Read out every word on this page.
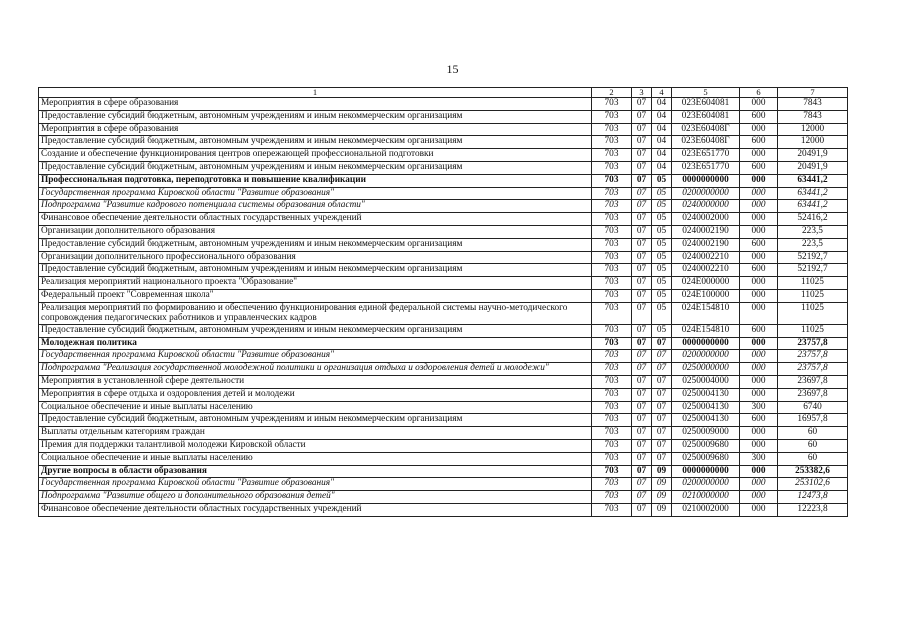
15
1	2	3	4	5	6	7
Мероприятия в сфере образования	703	07	04	023E604081	000	7843
Предоставление субсидий бюджетным, автономным учреждениям и иным некоммерческим организациям	703	07	04	023E604081	600	7843
Мероприятия в сфере образования	703	07	04	023E60408Г	000	12000
Предоставление субсидий бюджетным, автономным учреждениям и иным некоммерческим организациям	703	07	04	023E60408Г	600	12000
Создание и обеспечение функционирования центров опережающей профессиональной подготовки	703	07	04	023E651770	000	20491,9
Предоставление субсидий бюджетным, автономным учреждениям и иным некоммерческим организациям	703	07	04	023E651770	600	20491,9
Профессиональная подготовка, переподготовка и повышение квалификации	703	07	05	0000000000	000	63441,2
Государственная программа Кировской области "Развитие образования"	703	07	05	0200000000	000	63441,2
Подпрограмма "Развитие кадрового потенциала системы образования области"	703	07	05	0240000000	000	63441,2
Финансовое обеспечение деятельности областных государственных учреждений	703	07	05	0240002000	000	52416,2
Организации дополнительного образования	703	07	05	0240002190	000	223,5
Предоставление субсидий бюджетным, автономным учреждениям и иным некоммерческим организациям	703	07	05	0240002190	600	223,5
Организации дополнительного профессионального образования	703	07	05	0240002210	000	52192,7
Предоставление субсидий бюджетным, автономным учреждениям и иным некоммерческим организациям	703	07	05	0240002210	600	52192,7
Реализация мероприятий национального проекта "Образование"	703	07	05	024E000000	000	11025
Федеральный проект "Современная школа"	703	07	05	024E100000	000	11025
Реализация мероприятий по формированию и обеспечению функционирования единой федеральной системы научно-методического сопровождения педагогических работников и управленческих кадров	703	07	05	024E154810	000	11025
Предоставление субсидий бюджетным, автономным учреждениям и иным некоммерческим организациям	703	07	05	024E154810	600	11025
Молодежная политика	703	07	07	0000000000	000	23757,8
Государственная программа Кировской области "Развитие образования"	703	07	07	0200000000	000	23757,8
Подпрограмма "Реализация государственной молодежной политики и организация отдыха и оздоровления детей и молодежи"	703	07	07	0250000000	000	23757,8
Мероприятия в установленной сфере деятельности	703	07	07	0250004000	000	23697,8
Мероприятия в сфере отдыха и оздоровления детей и молодежи	703	07	07	0250004130	000	23697,8
Социальное обеспечение и иные выплаты населению	703	07	07	0250004130	300	6740
Предоставление субсидий бюджетным, автономным учреждениям и иным некоммерческим организациям	703	07	07	0250004130	600	16957,8
Выплаты отдельным категориям граждан	703	07	07	0250009000	000	60
Премия для поддержки талантливой молодежи Кировской области	703	07	07	0250009680	000	60
Социальное обеспечение и иные выплаты населению	703	07	07	0250009680	300	60
Другие вопросы в области образования	703	07	09	0000000000	000	253382,6
Государственная программа Кировской области "Развитие образования"	703	07	09	0200000000	000	253102,6
Подпрограмма "Развитие общего и дополнительного образования детей"	703	07	09	0210000000	000	12473,8
Финансовое обеспечение деятельности областных государственных учреждений	703	07	09	0210002000	000	12223,8
